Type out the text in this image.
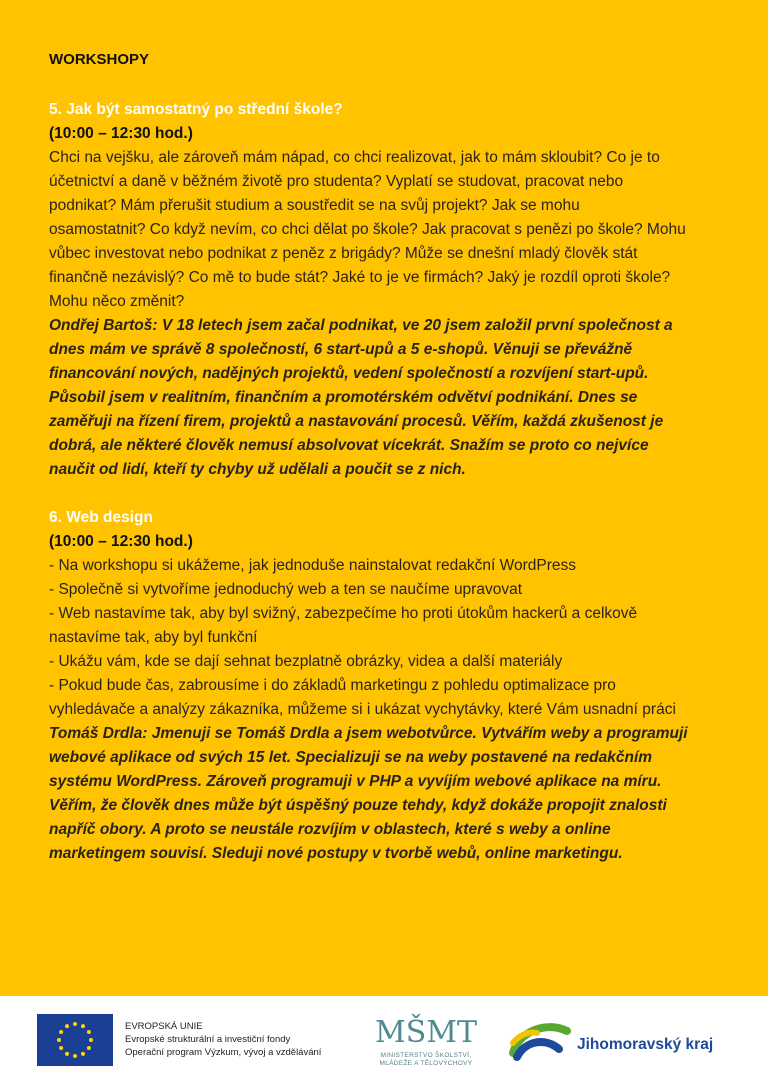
WORKSHOPY
5. Jak být samostatný po střední škole?
(10:00 – 12:30 hod.)
Chci na vejšku, ale zároveň mám nápad, co chci realizovat, jak to mám skloubit? Co je to
účetnictví a daně v běžném životě pro studenta? Vyplatí se studovat, pracovat nebo
podnikat? Mám přerušit studium a soustředit se na svůj projekt? Jak se mohu
osamostatnit? Co když nevím, co chci dělat po škole? Jak pracovat s penězi po škole? Mohu
vůbec investovat nebo podnikat z peněz z brigády? Může se dnešní mladý člověk stát
finančně nezávislý? Co mě to bude stát? Jaké to je ve firmách? Jaký je rozdíl oproti škole?
Mohu něco změnit?
Ondřej Bartoš: V 18 letech jsem začal podnikat, ve 20 jsem založil první společnost a
dnes mám ve správě 8 společností, 6 start-upů a 5 e-shopů. Věnuji se převážně
financování nových, nadějných projektů, vedení společností a rozvíjení start-upů.
Působil jsem v realitním, finančním a promotérském odvětví podnikání. Dnes se
zaměřuji na řízení firem, projektů a nastavování procesů. Věřím, každá zkušenost je
dobrá, ale některé člověk nemusí absolvovat vícekrát. Snažím se proto co nejvíce
naučit od lidí, kteří ty chyby už udělali a poučit se z nich.
6. Web design
(10:00 – 12:30 hod.)
- Na workshopu si ukážeme, jak jednoduše nainstalovat redakční WordPress
- Společně si vytvoříme jednoduchý web a ten se naučíme upravovat
- Web nastavíme tak, aby byl svižný, zabezpečíme ho proti útokům hackerů a celkově
nastavíme tak, aby byl funkční
- Ukážu vám, kde se dají sehnat bezplatně obrázky, videa a další materiály
- Pokud bude čas, zabrousíme i do základů marketingu z pohledu optimalizace pro
vyhledávače a analýzy zákazníka, můžeme si i ukázat vychytávky, které Vám usnadní práci
Tomáš Drdla: Jmenuji se Tomáš Drdla a jsem webotvůrce. Vytvářím weby a programuji
webové aplikace od svých 15 let. Specializuji se na weby postavené na redakčním
systému WordPress. Zároveň programuji v PHP a vyvíjím webové aplikace na míru.
Věřím, že člověk dnes může být úspěšný pouze tehdy, když dokáže propojit znalosti
napříč obory. A proto se neustále rozvíjím v oblastech, které s weby a online
marketingem souvisí. Sleduji nové postupy v tvorbě webů, online marketingu.
EVROPSKÁ UNIE
Evropské strukturální a investiční fondy
Operační program Výzkum, vývoj a vzdělávání
MŠMT
MINISTERSTVO ŠKOLSTVÍ,
MLÁDEŽE A TĚLOVÝCHOVY
Jihomoravský kraj
